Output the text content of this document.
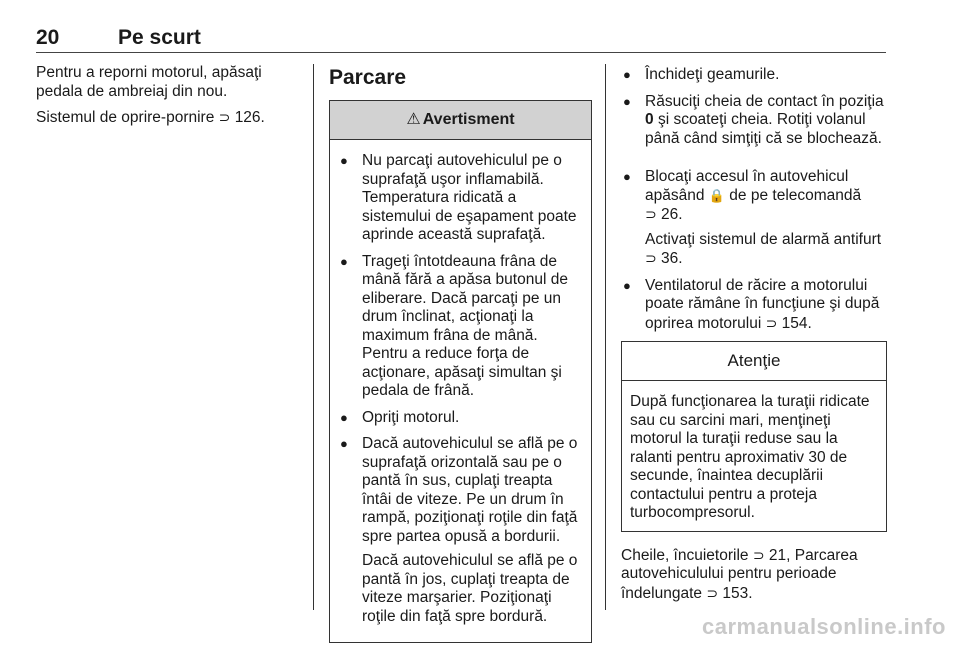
20	Pe scurt

Pentru a reporni motorul, apăsaţi pedala de ambreiaj din nou.

Sistemul de oprire-pornire ⊃ 126.

Parcare
⚠ Avertisment
● Nu parcaţi autovehiculul pe o suprafaţă uşor inflamabilă. Temperatura ridicată a sistemului de eşapament poate aprinde această suprafaţă.
● Trageţi întotdeauna frâna de mână fără a apăsa butonul de eliberare. Dacă parcaţi pe un drum înclinat, acţionaţi la maximum frâna de mână. Pentru a reduce forţa de acţionare, apăsaţi simultan şi pedala de frână.
● Opriţi motorul.
● Dacă autovehiculul se află pe o suprafaţă orizontală sau pe o pantă în sus, cuplaţi treapta întâi de viteze. Pe un drum în rampă, poziţionaţi roţile din faţă spre partea opusă a bordurii.
Dacă autovehiculul se află pe o pantă în jos, cuplaţi treapta de viteze marşarier. Poziţionaţi roţile din faţă spre bordură.
● Închideţi geamurile.
● Răsuciţi cheia de contact în poziţia 0 şi scoateţi cheia. Rotiţi volanul până când simţiţi că se blochează.
● Blocaţi accesul în autovehicul apăsând 🔒 de pe telecomandă
⊃ 26.
Activaţi sistemul de alarmă antifurt ⊃ 36.
● Ventilatorul de răcire a motorului poate rămâne în funcţiune şi după oprirea motorului ⊃ 154.
Atenţie
După funcţionarea la turaţii ridicate sau cu sarcini mari, menţineţi motorul la turaţii reduse sau la ralanti pentru aproximativ 30 de secunde, înaintea decuplării contactului pentru a proteja turbocompresorul.

Cheile, încuietorile ⊃ 21, Parcarea autovehiculului pentru perioade îndelungate ⊃ 153.

carmanualsonline.info
